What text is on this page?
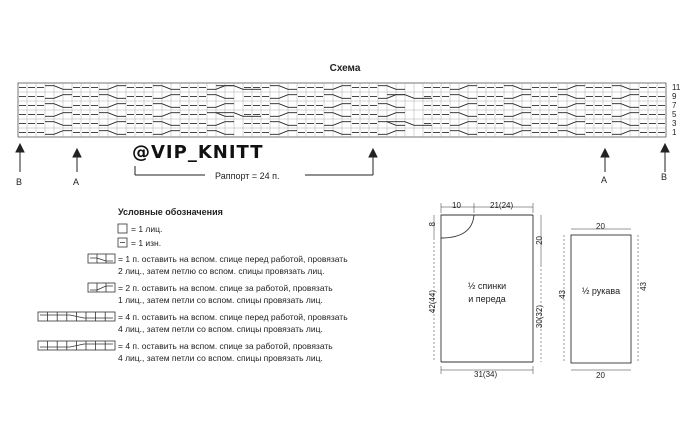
Схема
11
9
7
5
3
1
В	А	А	В
@VIP_KNITT
Раппорт = 24 п.
Условные обозначения
= 1 лиц.
= 1 изн.
= 1 п. оставить на вспом. спице перед работой, провязать
2 лиц., затем петлю со вспом. спицы провязать лиц.
= 2 п. оставить на вспом. спице за работой, провязать
1 лиц., затем петли со вспом. спицы провязать лиц.
= 4 п. оставить на вспом. спице перед работой, провязать
4 лиц., затем петли со вспом. спицы провязать лиц.
= 4 п. оставить на вспом. спице за работой, провязать
4 лиц., затем петли со вспом. спицы провязать лиц.
10	21(24)
8
42(44)
20
30(32)
31(34)
½ спинки
и переда
20
20
43
43
½ рукава
